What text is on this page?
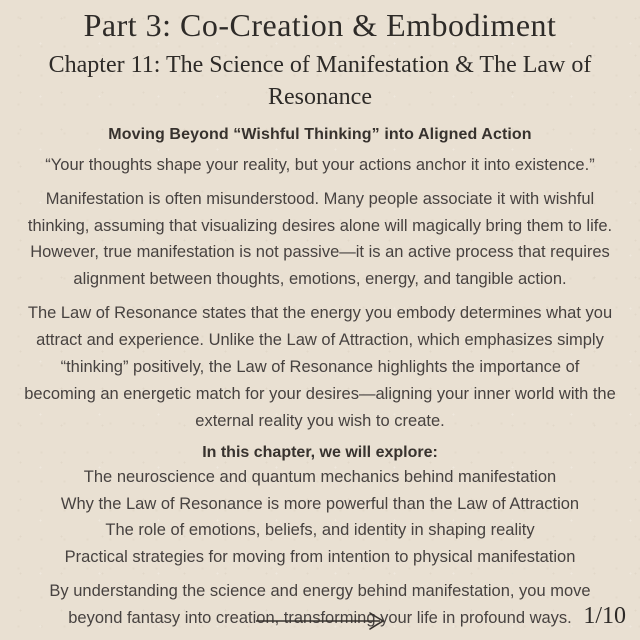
Part 3: Co-Creation & Embodiment
Chapter 11: The Science of Manifestation & The Law of Resonance
Moving Beyond “Wishful Thinking” into Aligned Action

“Your thoughts shape your reality, but your actions anchor it into existence.”

Manifestation is often misunderstood. Many people associate it with wishful thinking, assuming that visualizing desires alone will magically bring them to life. However, true manifestation is not passive—it is an active process that requires alignment between thoughts, emotions, energy, and tangible action.

The Law of Resonance states that the energy you embody determines what you attract and experience. Unlike the Law of Attraction, which emphasizes simply “thinking” positively, the Law of Resonance highlights the importance of becoming an energetic match for your desires—aligning your inner world with the external reality you wish to create.

In this chapter, we will explore:
The neuroscience and quantum mechanics behind manifestation
Why the Law of Resonance is more powerful than the Law of Attraction
The role of emotions, beliefs, and identity in shaping reality
Practical strategies for moving from intention to physical manifestation

By understanding the science and energy behind manifestation, you move beyond fantasy into creation, transforming your life in profound ways. 1/10
